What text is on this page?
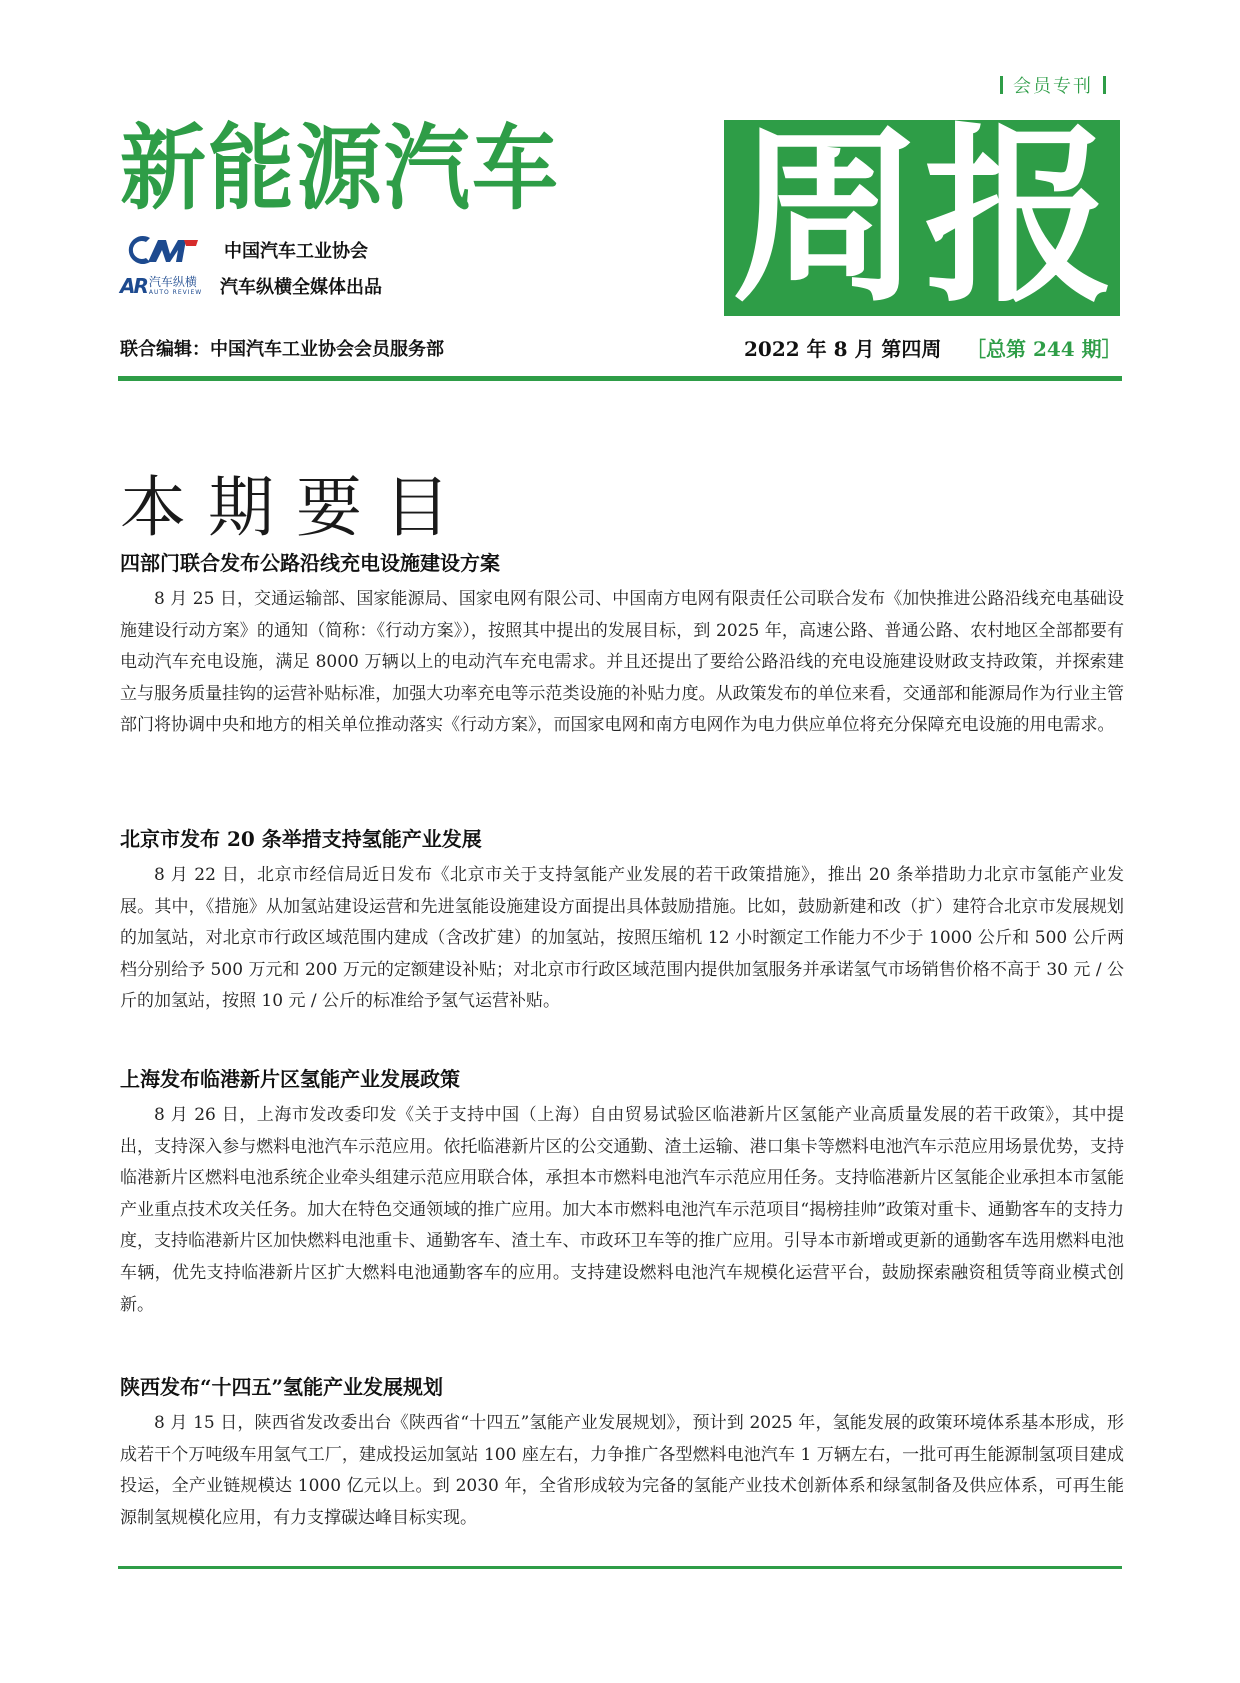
会员专刊
新能源汽车 周 报
中国汽车工业协会
AR 汽车纵横
AUTO REVIEW 汽车纵横全媒体出品
联合编辑：中国汽车工业协会会员服务部	2022 年 8 月 第四周 ［总第 244 期］
本期要目
四部门联合发布公路沿线充电设施建设方案

8 月 25 日，交通运输部、国家能源局、国家电网有限公司、中国南方电网有限责任公司联合发布《加快推进公路沿线充电基础设施建设行动方案》的通知（简称：《行动方案》），按照其中提出的发展目标，到 2025 年，高速公路、普通公路、农村地区全部都要有电动汽车充电设施，满足 8000 万辆以上的电动汽车充电需求。并且还提出了要给公路沿线的充电设施建设财政支持政策，并探索建立与服务质量挂钩的运营补贴标准，加强大功率充电等示范类设施的补贴力度。从政策发布的单位来看，交通部和能源局作为行业主管部门将协调中央和地方的相关单位推动落实《行动方案》，而国家电网和南方电网作为电力供应单位将充分保障充电设施的用电需求。

北京市发布 20 条举措支持氢能产业发展

8 月 22 日，北京市经信局近日发布《北京市关于支持氢能产业发展的若干政策措施》，推出 20 条举措助力北京市氢能产业发展。其中，《措施》从加氢站建设运营和先进氢能设施建设方面提出具体鼓励措施。比如，鼓励新建和改（扩）建符合北京市发展规划的加氢站，对北京市行政区域范围内建成（含改扩建）的加氢站，按照压缩机 12 小时额定工作能力不少于 1000 公斤和 500 公斤两档分别给予 500 万元和 200 万元的定额建设补贴；对北京市行政区域范围内提供加氢服务并承诺氢气市场销售价格不高于 30 元 / 公斤的加氢站，按照 10 元 / 公斤的标准给予氢气运营补贴。

上海发布临港新片区氢能产业发展政策

8 月 26 日，上海市发改委印发《关于支持中国（上海）自由贸易试验区临港新片区氢能产业高质量发展的若干政策》，其中提出，支持深入参与燃料电池汽车示范应用。依托临港新片区的公交通勤、渣土运输、港口集卡等燃料电池汽车示范应用场景优势，支持临港新片区燃料电池系统企业牵头组建示范应用联合体，承担本市燃料电池汽车示范应用任务。支持临港新片区氢能企业承担本市氢能产业重点技术攻关任务。加大在特色交通领域的推广应用。加大本市燃料电池汽车示范项目“揭榜挂帅”政策对重卡、通勤客车的支持力度，支持临港新片区加快燃料电池重卡、通勤客车、渣土车、市政环卫车等的推广应用。引导本市新增或更新的通勤客车选用燃料电池车辆，优先支持临港新片区扩大燃料电池通勤客车的应用。支持建设燃料电池汽车规模化运营平台，鼓励探索融资租赁等商业模式创新。

陕西发布“十四五”氢能产业发展规划

8 月 15 日，陕西省发改委出台《陕西省“十四五”氢能产业发展规划》，预计到 2025 年，氢能发展的政策环境体系基本形成，形成若干个万吨级车用氢气工厂，建成投运加氢站 100 座左右，力争推广各型燃料电池汽车 1 万辆左右，一批可再生能源制氢项目建成投运，全产业链规模达 1000 亿元以上。到 2030 年，全省形成较为完备的氢能产业技术创新体系和绿氢制备及供应体系，可再生能源制氢规模化应用，有力支撑碳达峰目标实现。
